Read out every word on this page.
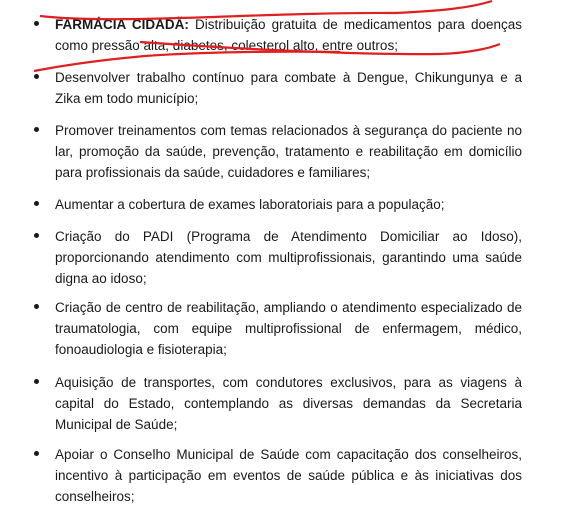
FARMÁCIA CIDADÃ: Distribuição gratuita de medicamentos para doenças como pressão alta, diabetes, colesterol alto, entre outros;
Desenvolver trabalho contínuo para combate à Dengue, Chikungunya e a Zika em todo município;
Promover treinamentos com temas relacionados à segurança do paciente no lar, promoção da saúde, prevenção, tratamento e reabilitação em domicílio para profissionais da saúde, cuidadores e familiares;
Aumentar a cobertura de exames laboratoriais para a população;
Criação do PADI (Programa de Atendimento Domiciliar ao Idoso), proporcionando atendimento com multiprofissionais, garantindo uma saúde digna ao idoso;
Criação de centro de reabilitação, ampliando o atendimento especializado de traumatologia, com equipe multiprofissional de enfermagem, médico, fonoaudiologia e fisioterapia;
Aquisição de transportes, com condutores exclusivos, para as viagens à capital do Estado, contemplando as diversas demandas da Secretaria Municipal de Saúde;
Apoiar o Conselho Municipal de Saúde com capacitação dos conselheiros, incentivo à participação em eventos de saúde pública e às iniciativas dos conselheiros;
